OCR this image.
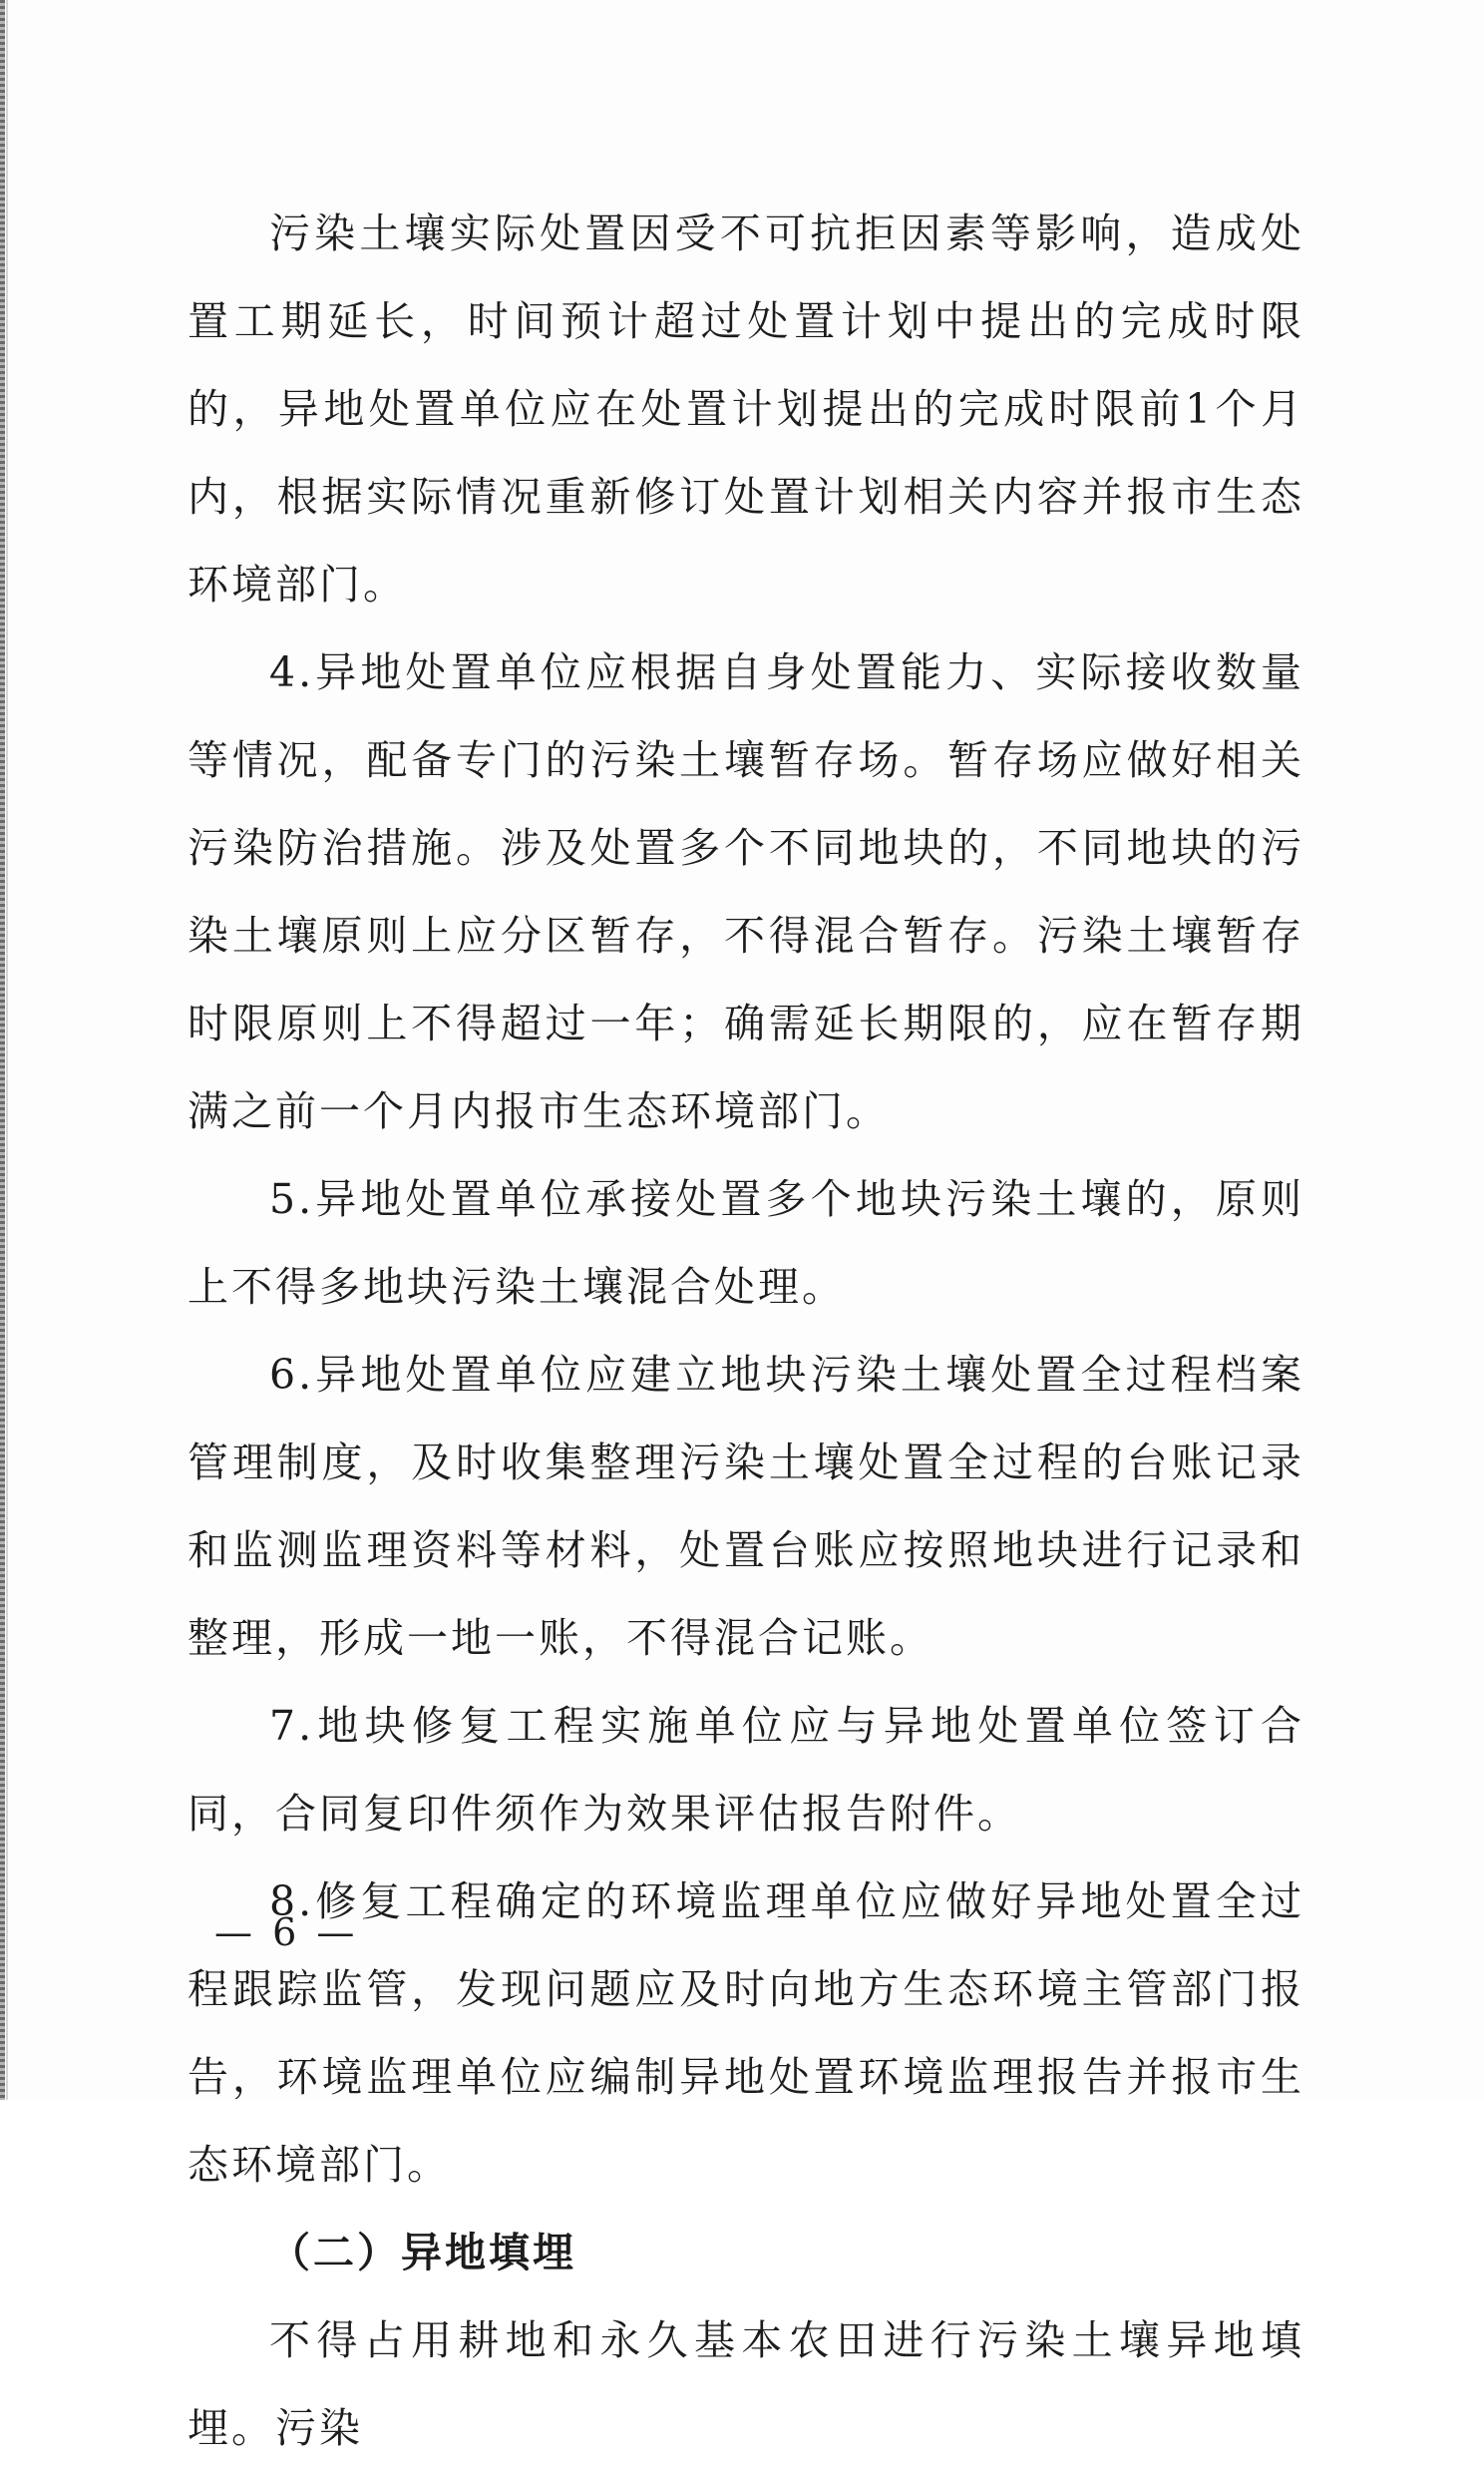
污染土壤实际处置因受不可抗拒因素等影响，造成处置工期延长，时间预计超过处置计划中提出的完成时限的，异地处置单位应在处置计划提出的完成时限前1个月内，根据实际情况重新修订处置计划相关内容并报市生态环境部门。

4.异地处置单位应根据自身处置能力、实际接收数量等情况，配备专门的污染土壤暂存场。暂存场应做好相关污染防治措施。涉及处置多个不同地块的，不同地块的污染土壤原则上应分区暂存，不得混合暂存。污染土壤暂存时限原则上不得超过一年；确需延长期限的，应在暂存期满之前一个月内报市生态环境部门。

5.异地处置单位承接处置多个地块污染土壤的，原则上不得多地块污染土壤混合处理。

6.异地处置单位应建立地块污染土壤处置全过程档案管理制度，及时收集整理污染土壤处置全过程的台账记录和监测监理资料等材料，处置台账应按照地块进行记录和整理，形成一地一账，不得混合记账。

7.地块修复工程实施单位应与异地处置单位签订合同，合同复印件须作为效果评估报告附件。

8.修复工程确定的环境监理单位应做好异地处置全过程跟踪监管，发现问题应及时向地方生态环境主管部门报告，环境监理单位应编制异地处置环境监理报告并报市生态环境部门。

（二）异地填埋

不得占用耕地和永久基本农田进行污染土壤异地填埋。污染

— 6 —
